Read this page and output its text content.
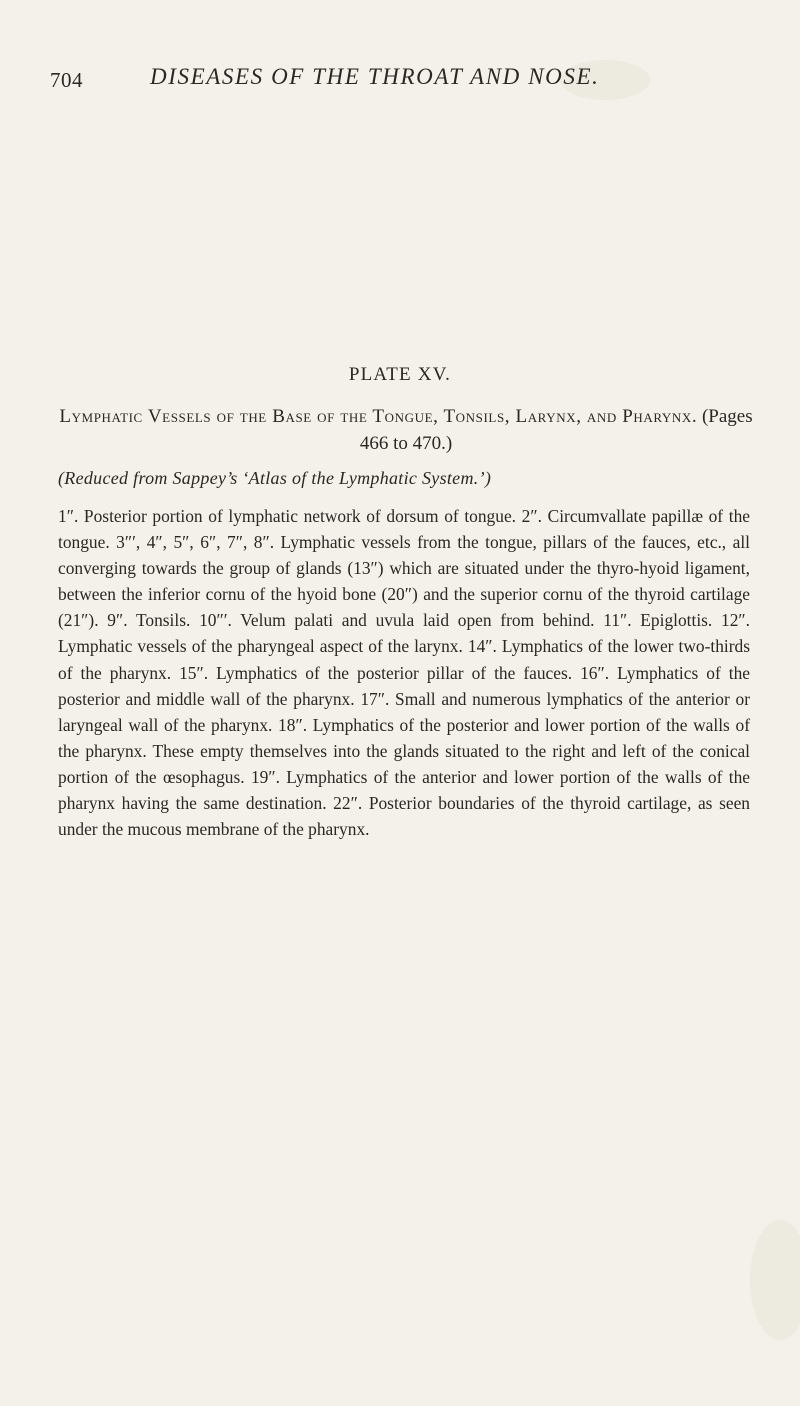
704	DISEASES OF THE THROAT AND NOSE.
PLATE XV.
Lymphatic Vessels of the Base of the Tongue, Tonsils, Larynx, and Pharynx. (Pages 466 to 470.)
(Reduced from Sappey’s ‘Atlas of the Lymphatic System.’)

1″. Posterior portion of lymphatic network of dorsum of tongue. 2″. Circumvallate papillæ of the tongue. 3″′, 4″, 5″, 6″, 7″, 8″. Lymphatic vessels from the tongue, pillars of the fauces, etc., all converging towards the group of glands (13″) which are situated under the thyro-hyoid ligament, between the inferior cornu of the hyoid bone (20″) and the superior cornu of the thyroid cartilage (21″). 9″. Tonsils. 10″′. Velum palati and uvula laid open from behind. 11″. Epiglottis. 12″. Lymphatic vessels of the pharyngeal aspect of the larynx. 14″. Lymphatics of the lower two-thirds of the pharynx. 15″. Lymphatics of the posterior pillar of the fauces. 16″. Lymphatics of the posterior and middle wall of the pharynx. 17″. Small and numerous lymphatics of the anterior or laryngeal wall of the pharynx. 18″. Lymphatics of the posterior and lower portion of the walls of the pharynx. These empty themselves into the glands situated to the right and left of the conical portion of the œsophagus. 19″. Lymphatics of the anterior and lower portion of the walls of the pharynx having the same destination. 22″. Posterior boundaries of the thyroid cartilage, as seen under the mucous membrane of the pharynx.
